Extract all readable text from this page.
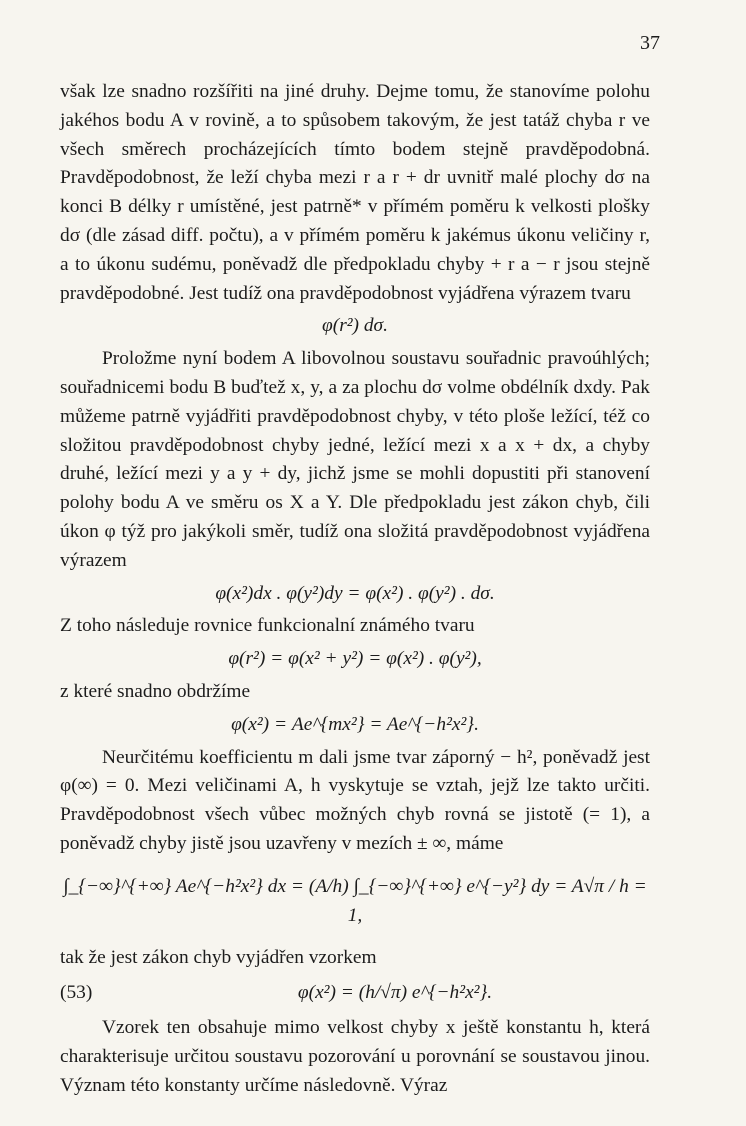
37

však lze snadno rozšířiti na jiné druhy. Dejme tomu, že stanovíme polohu jakéhos bodu A v rovině, a to spůsobem takovým, že jest tatáž chyba r ve všech směrech procházejících tímto bodem stejně pravděpodobná. Pravděpodobnost, že leží chyba mezi r a r + dr uvnitř malé plochy dσ na konci B délky r umístěné, jest patrně* v přímém poměru k velkosti plošky dσ (dle zásad diff. počtu), a v přímém poměru k jakémus úkonu veličiny r, a to úkonu sudému, poněvadž dle předpokladu chyby + r a − r jsou stejně pravděpodobné. Jest tudíž ona pravděpodobnost vyjádřena výrazem tvaru

φ(r²) dσ.

Proložme nyní bodem A libovolnou soustavu souřadnic pravoúhlých; souřadnicemi bodu B buďtež x, y, a za plochu dσ volme obdélník dxdy. Pak můžeme patrně vyjádřiti pravděpodobnost chyby, v této ploše ležící, též co složitou pravděpodobnost chyby jedné, ležící mezi x a x + dx, a chyby druhé, ležící mezi y a y + dy, jichž jsme se mohli dopustiti při stanovení polohy bodu A ve směru os X a Y. Dle předpokladu jest zákon chyb, čili úkon φ týž pro jakýkoli směr, tudíž ona složitá pravděpodobnost vyjádřena výrazem

φ(x²)dx . φ(y²)dy = φ(x²) . φ(y²) . dσ.

Z toho následuje rovnice funkcionalní známého tvaru

φ(r²) = φ(x² + y²) = φ(x²) . φ(y²),

z které snadno obdržíme

φ(x²) = Ae^{mx²} = Ae^{−h²x²}.

Neurčitému koefficientu m dali jsme tvar záporný − h², poněvadž jest φ(∞) = 0. Mezi veličinami A, h vyskytuje se vztah, jejž lze takto určiti. Pravděpodobnost všech vůbec možných chyb rovná se jistotě (= 1), a poněvadž chyby jistě jsou uzavřeny v mezích ± ∞, máme

∫_{−∞}^{+∞} Ae^{−h²x²} dx = (A/h) ∫_{−∞}^{+∞} e^{−y²} dy = A√π / h = 1,

tak že jest zákon chyb vyjádřen vzorkem

(53)	φ(x²) = (h/√π) e^{−h²x²}.

Vzorek ten obsahuje mimo velkost chyby x ještě konstantu h, která charakterisuje určitou soustavu pozorování u porovnání se soustavou jinou. Význam této konstanty určíme následovně. Výraz
